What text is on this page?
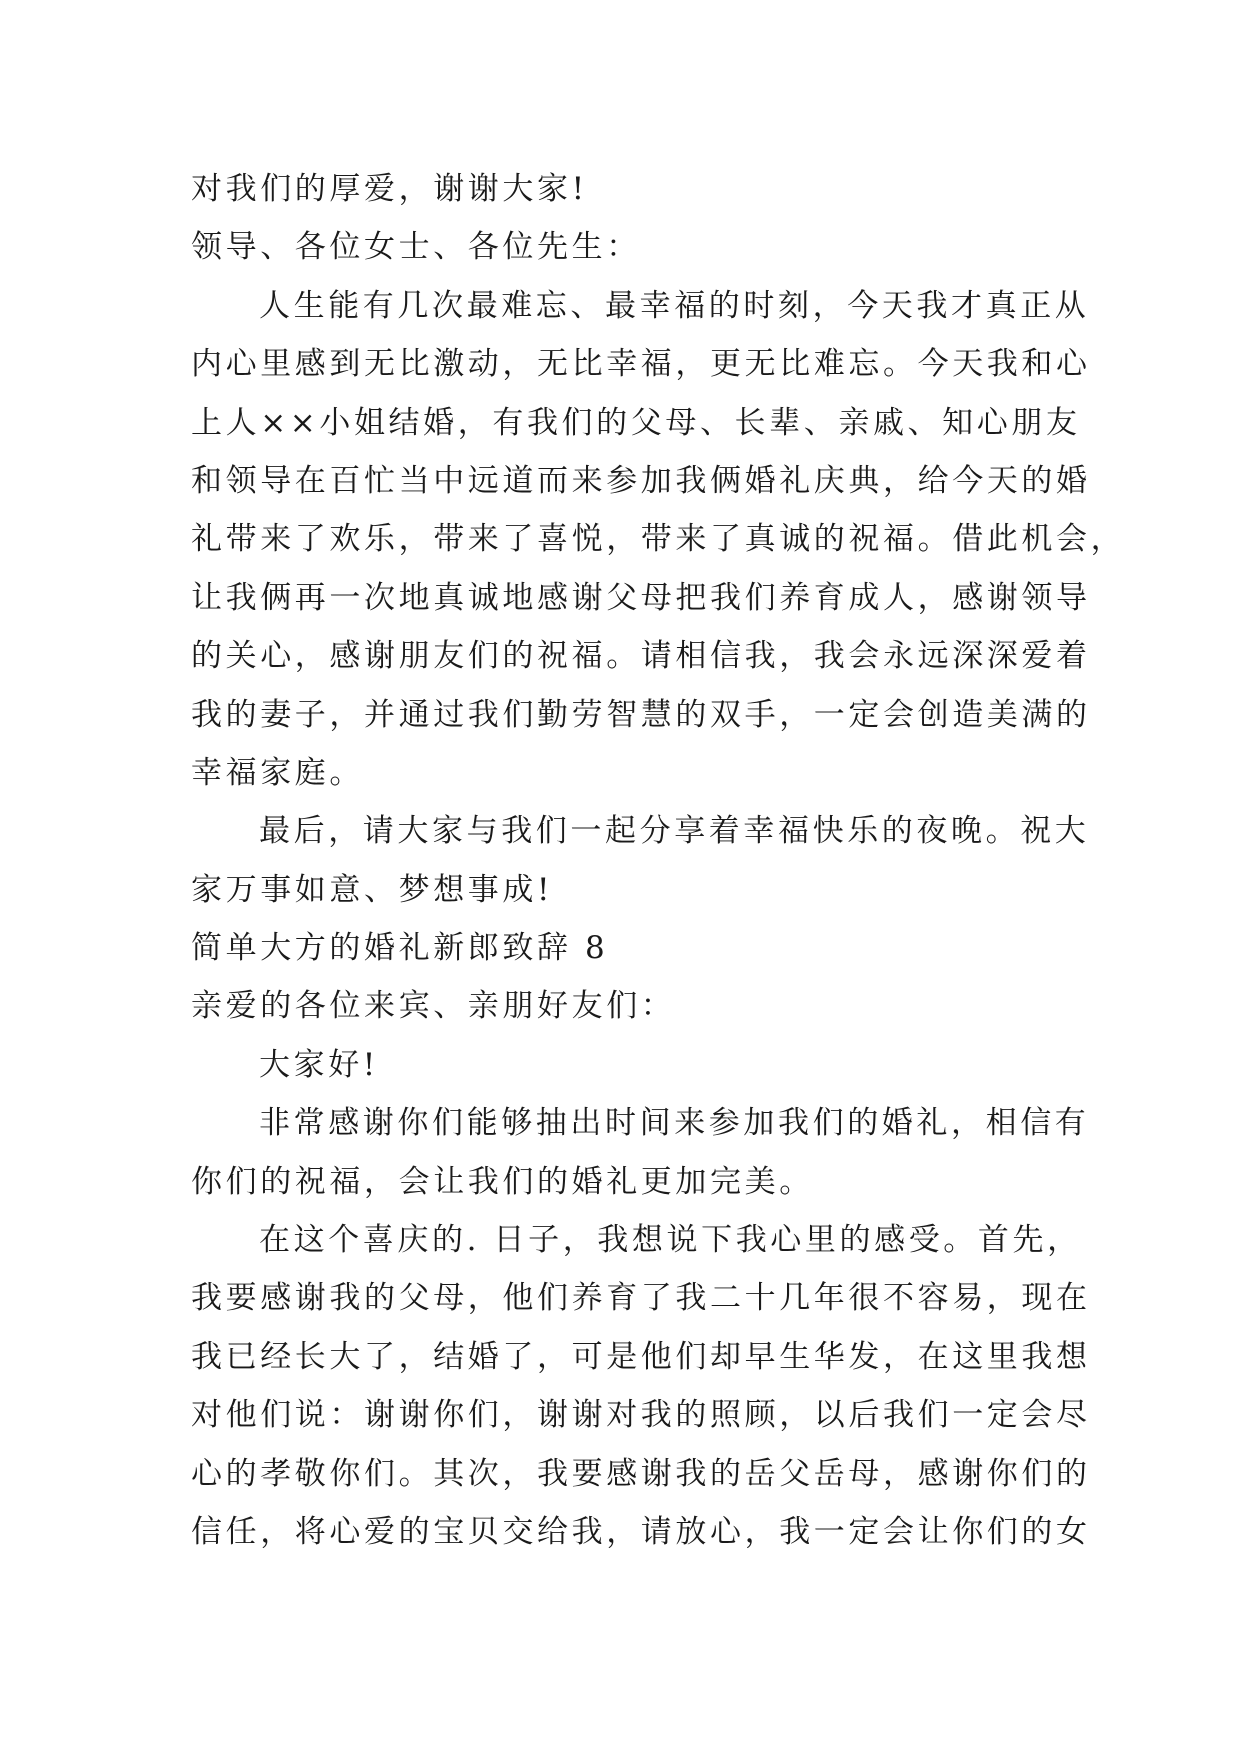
对我们的厚爱，谢谢大家!

领导、各位女士、各位先生：

人生能有几次最难忘、最幸福的时刻，今天我才真正从

内心里感到无比激动，无比幸福，更无比难忘。今天我和心

上人××小姐结婚，有我们的父母、长辈、亲戚、知心朋友

和领导在百忙当中远道而来参加我俩婚礼庆典，给今天的婚

礼带来了欢乐，带来了喜悦，带来了真诚的祝福。借此机会，

让我俩再一次地真诚地感谢父母把我们养育成人，感谢领导

的关心，感谢朋友们的祝福。请相信我，我会永远深深爱着

我的妻子，并通过我们勤劳智慧的双手，一定会创造美满的

幸福家庭。

最后，请大家与我们一起分享着幸福快乐的夜晚。祝大

家万事如意、梦想事成!

简单大方的婚礼新郎致辞 8

亲爱的各位来宾、亲朋好友们：

大家好!

非常感谢你们能够抽出时间来参加我们的婚礼，相信有

你们的祝福，会让我们的婚礼更加完美。

在这个喜庆的. 日子，我想说下我心里的感受。首先，

我要感谢我的父母，他们养育了我二十几年很不容易，现在

我已经长大了，结婚了，可是他们却早生华发，在这里我想

对他们说：谢谢你们，谢谢对我的照顾，以后我们一定会尽

心的孝敬你们。其次，我要感谢我的岳父岳母，感谢你们的

信任，将心爱的宝贝交给我，请放心，我一定会让你们的女
